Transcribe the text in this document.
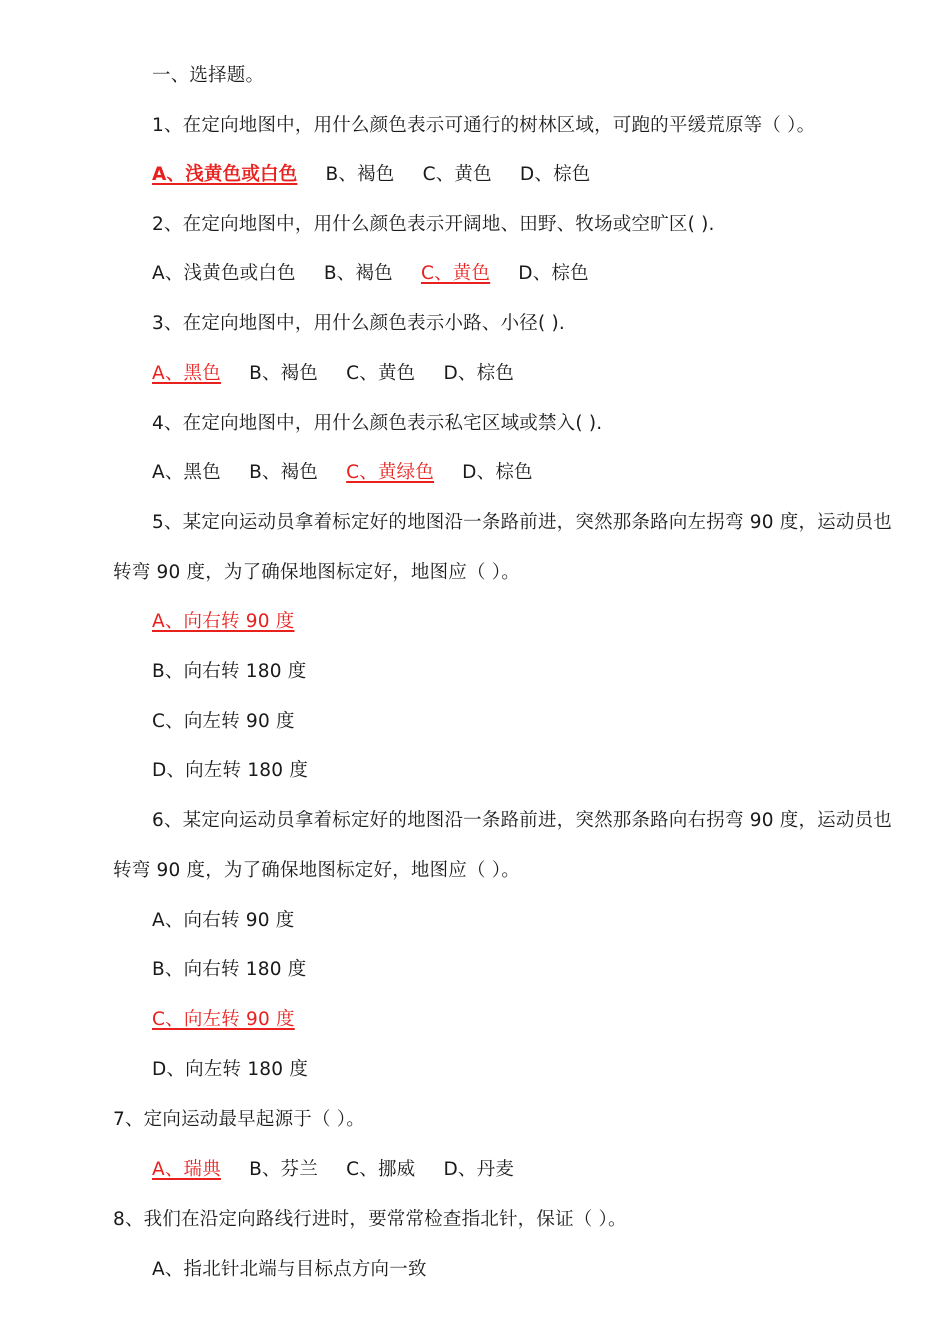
一、选择题。
1、在定向地图中，用什么颜色表示可通行的树林区域，可跑的平缓荒原等（ ）。
A、浅黄色或白色 B、褐色 C、黄色 D、棕色
2、在定向地图中，用什么颜色表示开阔地、田野、牧场或空旷区( ).
A、浅黄色或白色 B、褐色 C、黄色 D、棕色
3、在定向地图中，用什么颜色表示小路、小径( ).
A、黑色 B、褐色 C、黄色 D、棕色
4、在定向地图中，用什么颜色表示私宅区域或禁入( ).
A、黑色 B、褐色 C、黄绿色 D、棕色
5、某定向运动员拿着标定好的地图沿一条路前进，突然那条路向左拐弯 90 度，运动员也
转弯 90 度，为了确保地图标定好，地图应（ ）。
A、向右转 90 度
B、向右转 180 度
C、向左转 90 度
D、向左转 180 度
6、某定向运动员拿着标定好的地图沿一条路前进，突然那条路向右拐弯 90 度，运动员也
转弯 90 度，为了确保地图标定好，地图应（ ）。
A、向右转 90 度
B、向右转 180 度
C、向左转 90 度
D、向左转 180 度
7、定向运动最早起源于（ ）。
A、瑞典 B、芬兰 C、挪威 D、丹麦
8、我们在沿定向路线行进时，要常常检查指北针，保证（ ）。
A、指北针北端与目标点方向一致
